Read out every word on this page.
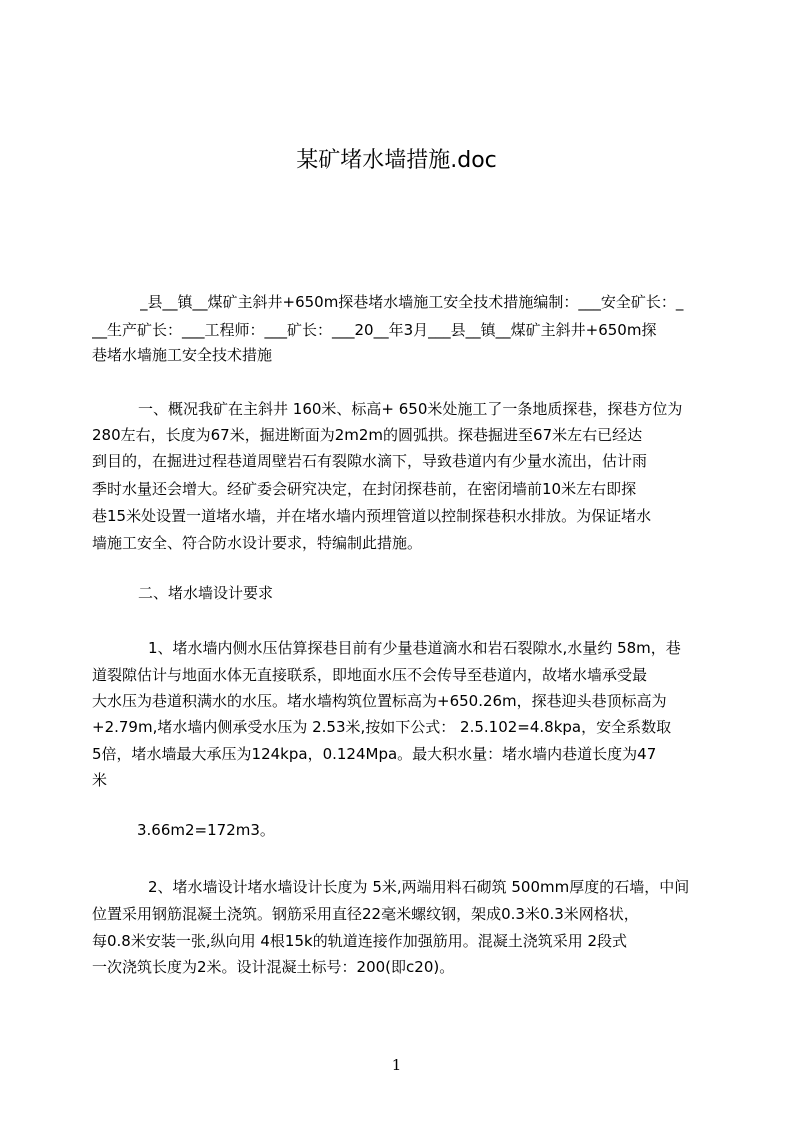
某矿堵水墙措施.doc
_县__镇__煤矿主斜井+650m探巷堵水墙施工安全技术措施编制：___安全矿长：_
__生产矿长：___工程师：___矿长：___20__年3月___县__镇__煤矿主斜井+650m探
巷堵水墙施工安全技术措施
一、概况我矿在主斜井 160米、标高+ 650米处施工了一条地质探巷，探巷方位为
280左右，长度为67米，掘进断面为2m2m的圆弧拱。探巷掘进至67米左右已经达
到目的，在掘进过程巷道周壁岩石有裂隙水滴下，导致巷道内有少量水流出，估计雨
季时水量还会增大。经矿委会研究决定，在封闭探巷前，在密闭墙前10米左右即探
巷15米处设置一道堵水墙，并在堵水墙内预埋管道以控制探巷积水排放。为保证堵水
墙施工安全、符合防水设计要求，特编制此措施。
二、堵水墙设计要求
1、堵水墙内侧水压估算探巷目前有少量巷道滴水和岩石裂隙水,水量约 58m，巷
道裂隙估计与地面水体无直接联系，即地面水压不会传导至巷道内，故堵水墙承受最
大水压为巷道积满水的水压。堵水墙构筑位置标高为+650.26m，探巷迎头巷顶标高为
+2.79m,堵水墙内侧承受水压为 2.53米,按如下公式： 2.5.102=4.8kpa，安全系数取
5倍，堵水墙最大承压为124kpa，0.124Mpa。最大积水量：堵水墙内巷道长度为47
米
3.66m2=172m3。
2、堵水墙设计堵水墙设计长度为 5米,两端用料石砌筑 500mm厚度的石墙，中间
位置采用钢筋混凝土浇筑。钢筋采用直径22毫米螺纹钢，架成0.3米0.3米网格状，
每0.8米安装一张,纵向用 4根15k的轨道连接作加强筋用。混凝土浇筑采用 2段式
一次浇筑长度为2米。设计混凝土标号：200(即c20)。
1
